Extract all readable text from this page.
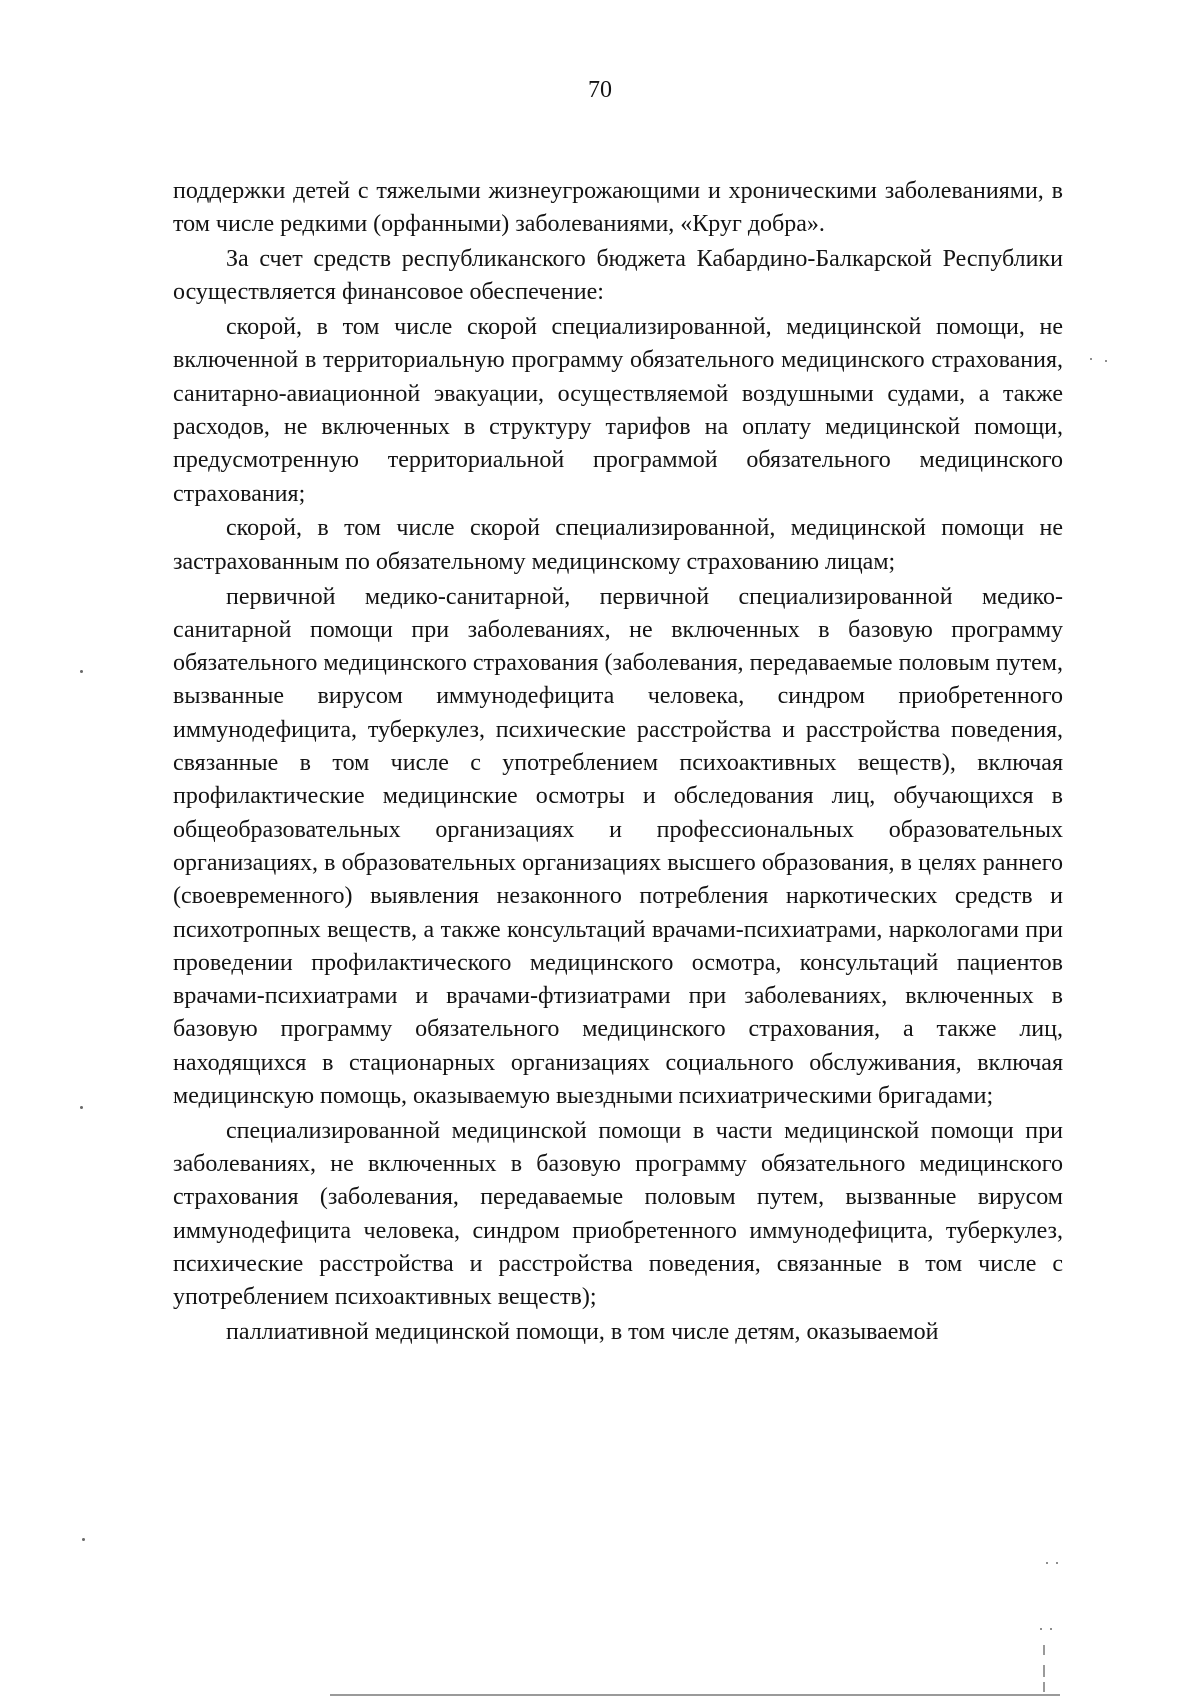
70

поддержки детей с тяжелыми жизнеугрожающими и хроническими заболеваниями, в том числе редкими (орфанными) заболеваниями, «Круг добра».

За счет средств республиканского бюджета Кабардино-Балкарской Республики осуществляется финансовое обеспечение:

скорой, в том числе скорой специализированной, медицинской помощи, не включенной в территориальную программу обязательного медицинского страхования, санитарно-авиационной эвакуации, осуществляемой воздушными судами, а также расходов, не включенных в структуру тарифов на оплату медицинской помощи, предусмотренную территориальной программой обязательного медицинского страхования;

скорой, в том числе скорой специализированной, медицинской помощи не застрахованным по обязательному медицинскому страхованию лицам;

первичной медико-санитарной, первичной специализированной медико-санитарной помощи при заболеваниях, не включенных в базовую программу обязательного медицинского страхования (заболевания, передаваемые половым путем, вызванные вирусом иммунодефицита человека, синдром приобретенного иммунодефицита, туберкулез, психические расстройства и расстройства поведения, связанные в том числе с употреблением психоактивных веществ), включая профилактические медицинские осмотры и обследования лиц, обучающихся в общеобразовательных организациях и профессиональных образовательных организациях, в образовательных организациях высшего образования, в целях раннего (своевременного) выявления незаконного потребления наркотических средств и психотропных веществ, а также консультаций врачами-психиатрами, наркологами при проведении профилактического медицинского осмотра, консультаций пациентов врачами-психиатрами и врачами-фтизиатрами при заболеваниях, включенных в базовую программу обязательного медицинского страхования, а также лиц, находящихся в стационарных организациях социального обслуживания, включая медицинскую помощь, оказываемую выездными психиатрическими бригадами;

специализированной медицинской помощи в части медицинской помощи при заболеваниях, не включенных в базовую программу обязательного медицинского страхования (заболевания, передаваемые половым путем, вызванные вирусом иммунодефицита человека, синдром приобретенного иммунодефицита, туберкулез, психические расстройства и расстройства поведения, связанные в том числе с употреблением психоактивных веществ);

паллиативной медицинской помощи, в том числе детям, оказываемой
